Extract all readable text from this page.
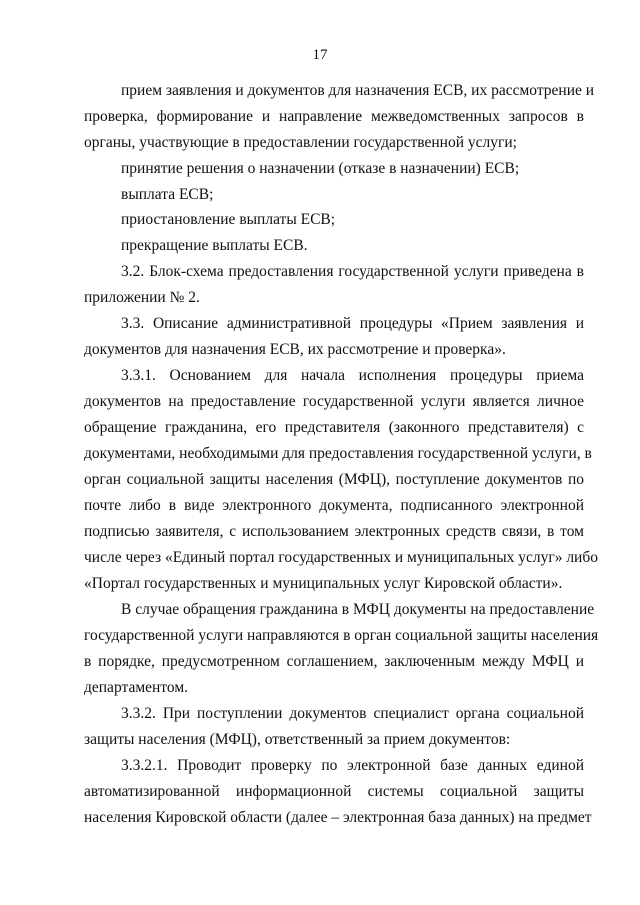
17
прием заявления и документов для назначения ЕСВ, их рассмотрение и
проверка, формирование и направление межведомственных запросов в
органы, участвующие в предоставлении государственной услуги;
принятие решения о назначении (отказе в назначении) ЕСВ;
выплата ЕСВ;
приостановление выплаты ЕСВ;
прекращение выплаты ЕСВ.
3.2. Блок-схема предоставления государственной услуги приведена в
приложении № 2.
3.3. Описание административной процедуры «Прием заявления и
документов для назначения ЕСВ, их рассмотрение и проверка».
3.3.1. Основанием для начала исполнения процедуры приема
документов на предоставление государственной услуги является личное
обращение гражданина, его представителя (законного представителя) с
документами, необходимыми для предоставления государственной услуги, в
орган социальной защиты населения (МФЦ), поступление документов по
почте либо в виде электронного документа, подписанного электронной
подписью заявителя, с использованием электронных средств связи, в том
числе через «Единый портал государственных и муниципальных услуг» либо
«Портал государственных и муниципальных услуг Кировской области».
В случае обращения гражданина в МФЦ документы на предоставление
государственной услуги направляются в орган социальной защиты населения
в порядке, предусмотренном соглашением, заключенным между МФЦ и
департаментом.
3.3.2. При поступлении документов специалист органа социальной
защиты населения (МФЦ), ответственный за прием документов:
3.3.2.1. Проводит проверку по электронной базе данных единой
автоматизированной информационной системы социальной защиты
населения Кировской области (далее – электронная база данных) на предмет
